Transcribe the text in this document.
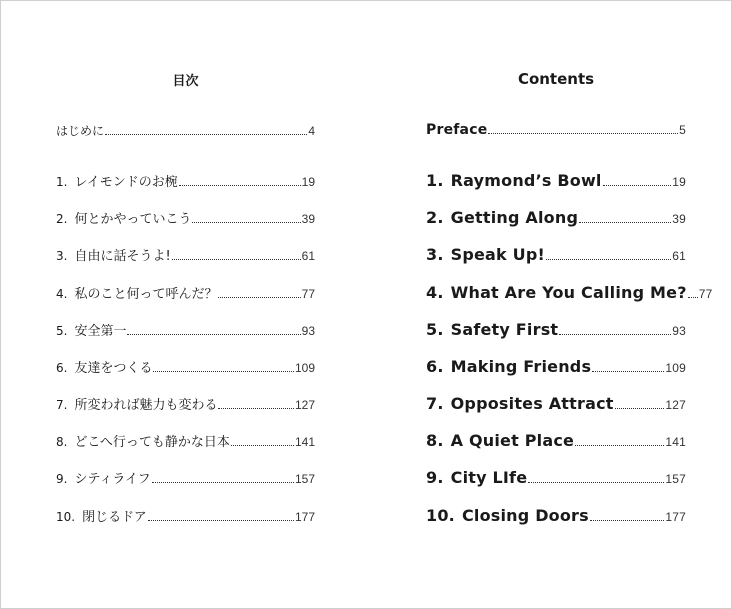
目次
はじめに	4
1. レイモンドのお椀	19
2. 何とかやっていこう	39
3. 自由に話そうよ!	61
4. 私のこと何って呼んだ？	77
5. 安全第一	93
6. 友達をつくる	109
7. 所変われば魅力も変わる	127
8. どこへ行っても静かな日本	141
9. シティライフ	157
10. 閉じるドア	177
Contents
Preface	5
1. Raymond’s Bowl	19
2. Getting Along	39
3. Speak Up!	61
4. What Are You Calling Me? 77
5. Safety First	93
6. Making Friends	109
7. Opposites Attract	127
8. A Quiet Place	141
9. City LIfe	157
10. Closing Doors	177
